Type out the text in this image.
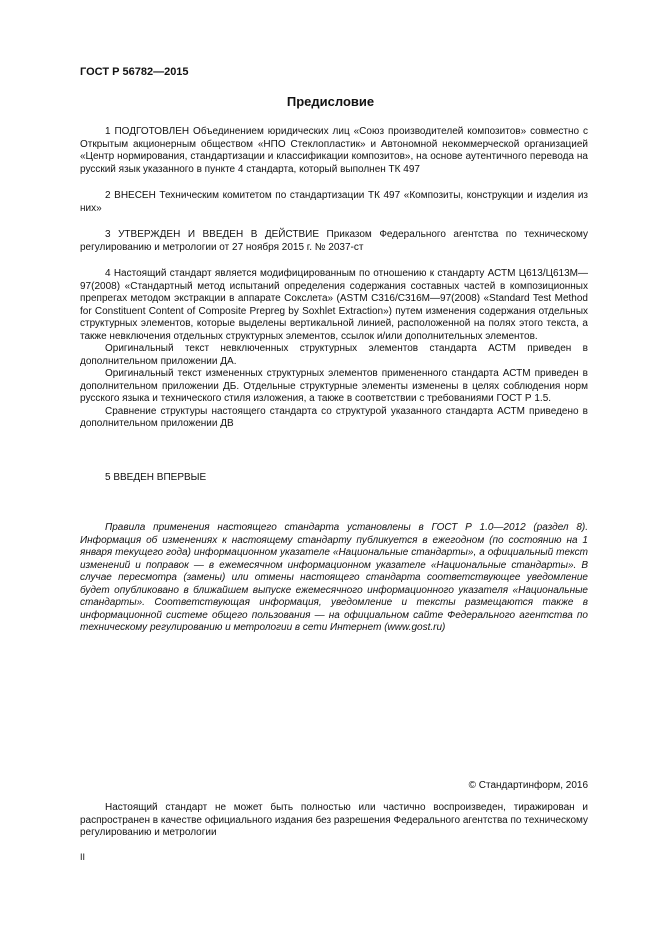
ГОСТ Р 56782—2015
Предисловие

1 ПОДГОТОВЛЕН Объединением юридических лиц «Союз производителей композитов» совместно с Открытым акционерным обществом «НПО Стеклопластик» и Автономной некоммерческой организацией «Центр нормирования, стандартизации и классификации композитов», на основе аутентичного перевода на русский язык указанного в пункте 4 стандарта, который выполнен ТК 497

2 ВНЕСЕН Техническим комитетом по стандартизации ТК 497 «Композиты, конструкции и изделия из них»

3 УТВЕРЖДЕН И ВВЕДЕН В ДЕЙСТВИЕ Приказом Федерального агентства по техническому регулированию и метрологии от 27 ноября 2015 г. № 2037-ст

4 Настоящий стандарт является модифицированным по отношению к стандарту АСТМ Ц613/Ц613М—97(2008) «Стандартный метод испытаний определения содержания составных частей в композиционных препрегах методом экстракции в аппарате Сокслета» (ASTM C316/C316M—97(2008) «Standard Test Method for Constituent Content of Composite Prepreg by Soxhlet Extraction») путем изменения содержания отдельных структурных элементов, которые выделены вертикальной линией, расположенной на полях этого текста, а также невключения отдельных структурных элементов, ссылок и/или дополнительных элементов.

Оригинальный текст невключенных структурных элементов стандарта АСТМ приведен в дополнительном приложении ДА.

Оригинальный текст измененных структурных элементов примененного стандарта АСТМ приведен в дополнительном приложении ДБ. Отдельные структурные элементы изменены в целях соблюдения норм русского языка и технического стиля изложения, а также в соответствии с требованиями ГОСТ Р 1.5.

Сравнение структуры настоящего стандарта со структурой указанного стандарта АСТМ приведено в дополнительном приложении ДВ

5 ВВЕДЕН ВПЕРВЫЕ

Правила применения настоящего стандарта установлены в ГОСТ Р 1.0—2012 (раздел 8). Информация об изменениях к настоящему стандарту публикуется в ежегодном (по состоянию на 1 января текущего года) информационном указателе «Национальные стандарты», а официальный текст изменений и поправок — в ежемесячном информационном указателе «Национальные стандарты». В случае пересмотра (замены) или отмены настоящего стандарта соответствующее уведомление будет опубликовано в ближайшем выпуске ежемесячного информационного указателя «Национальные стандарты». Соответствующая информация, уведомление и тексты размещаются также в информационной системе общего пользования — на официальном сайте Федерального агентства по техническому регулированию и метрологии в сети Интернет (www.gost.ru)

© Стандартинформ, 2016

Настоящий стандарт не может быть полностью или частично воспроизведен, тиражирован и распространен в качестве официального издания без разрешения Федерального агентства по техническому регулированию и метрологии

II
